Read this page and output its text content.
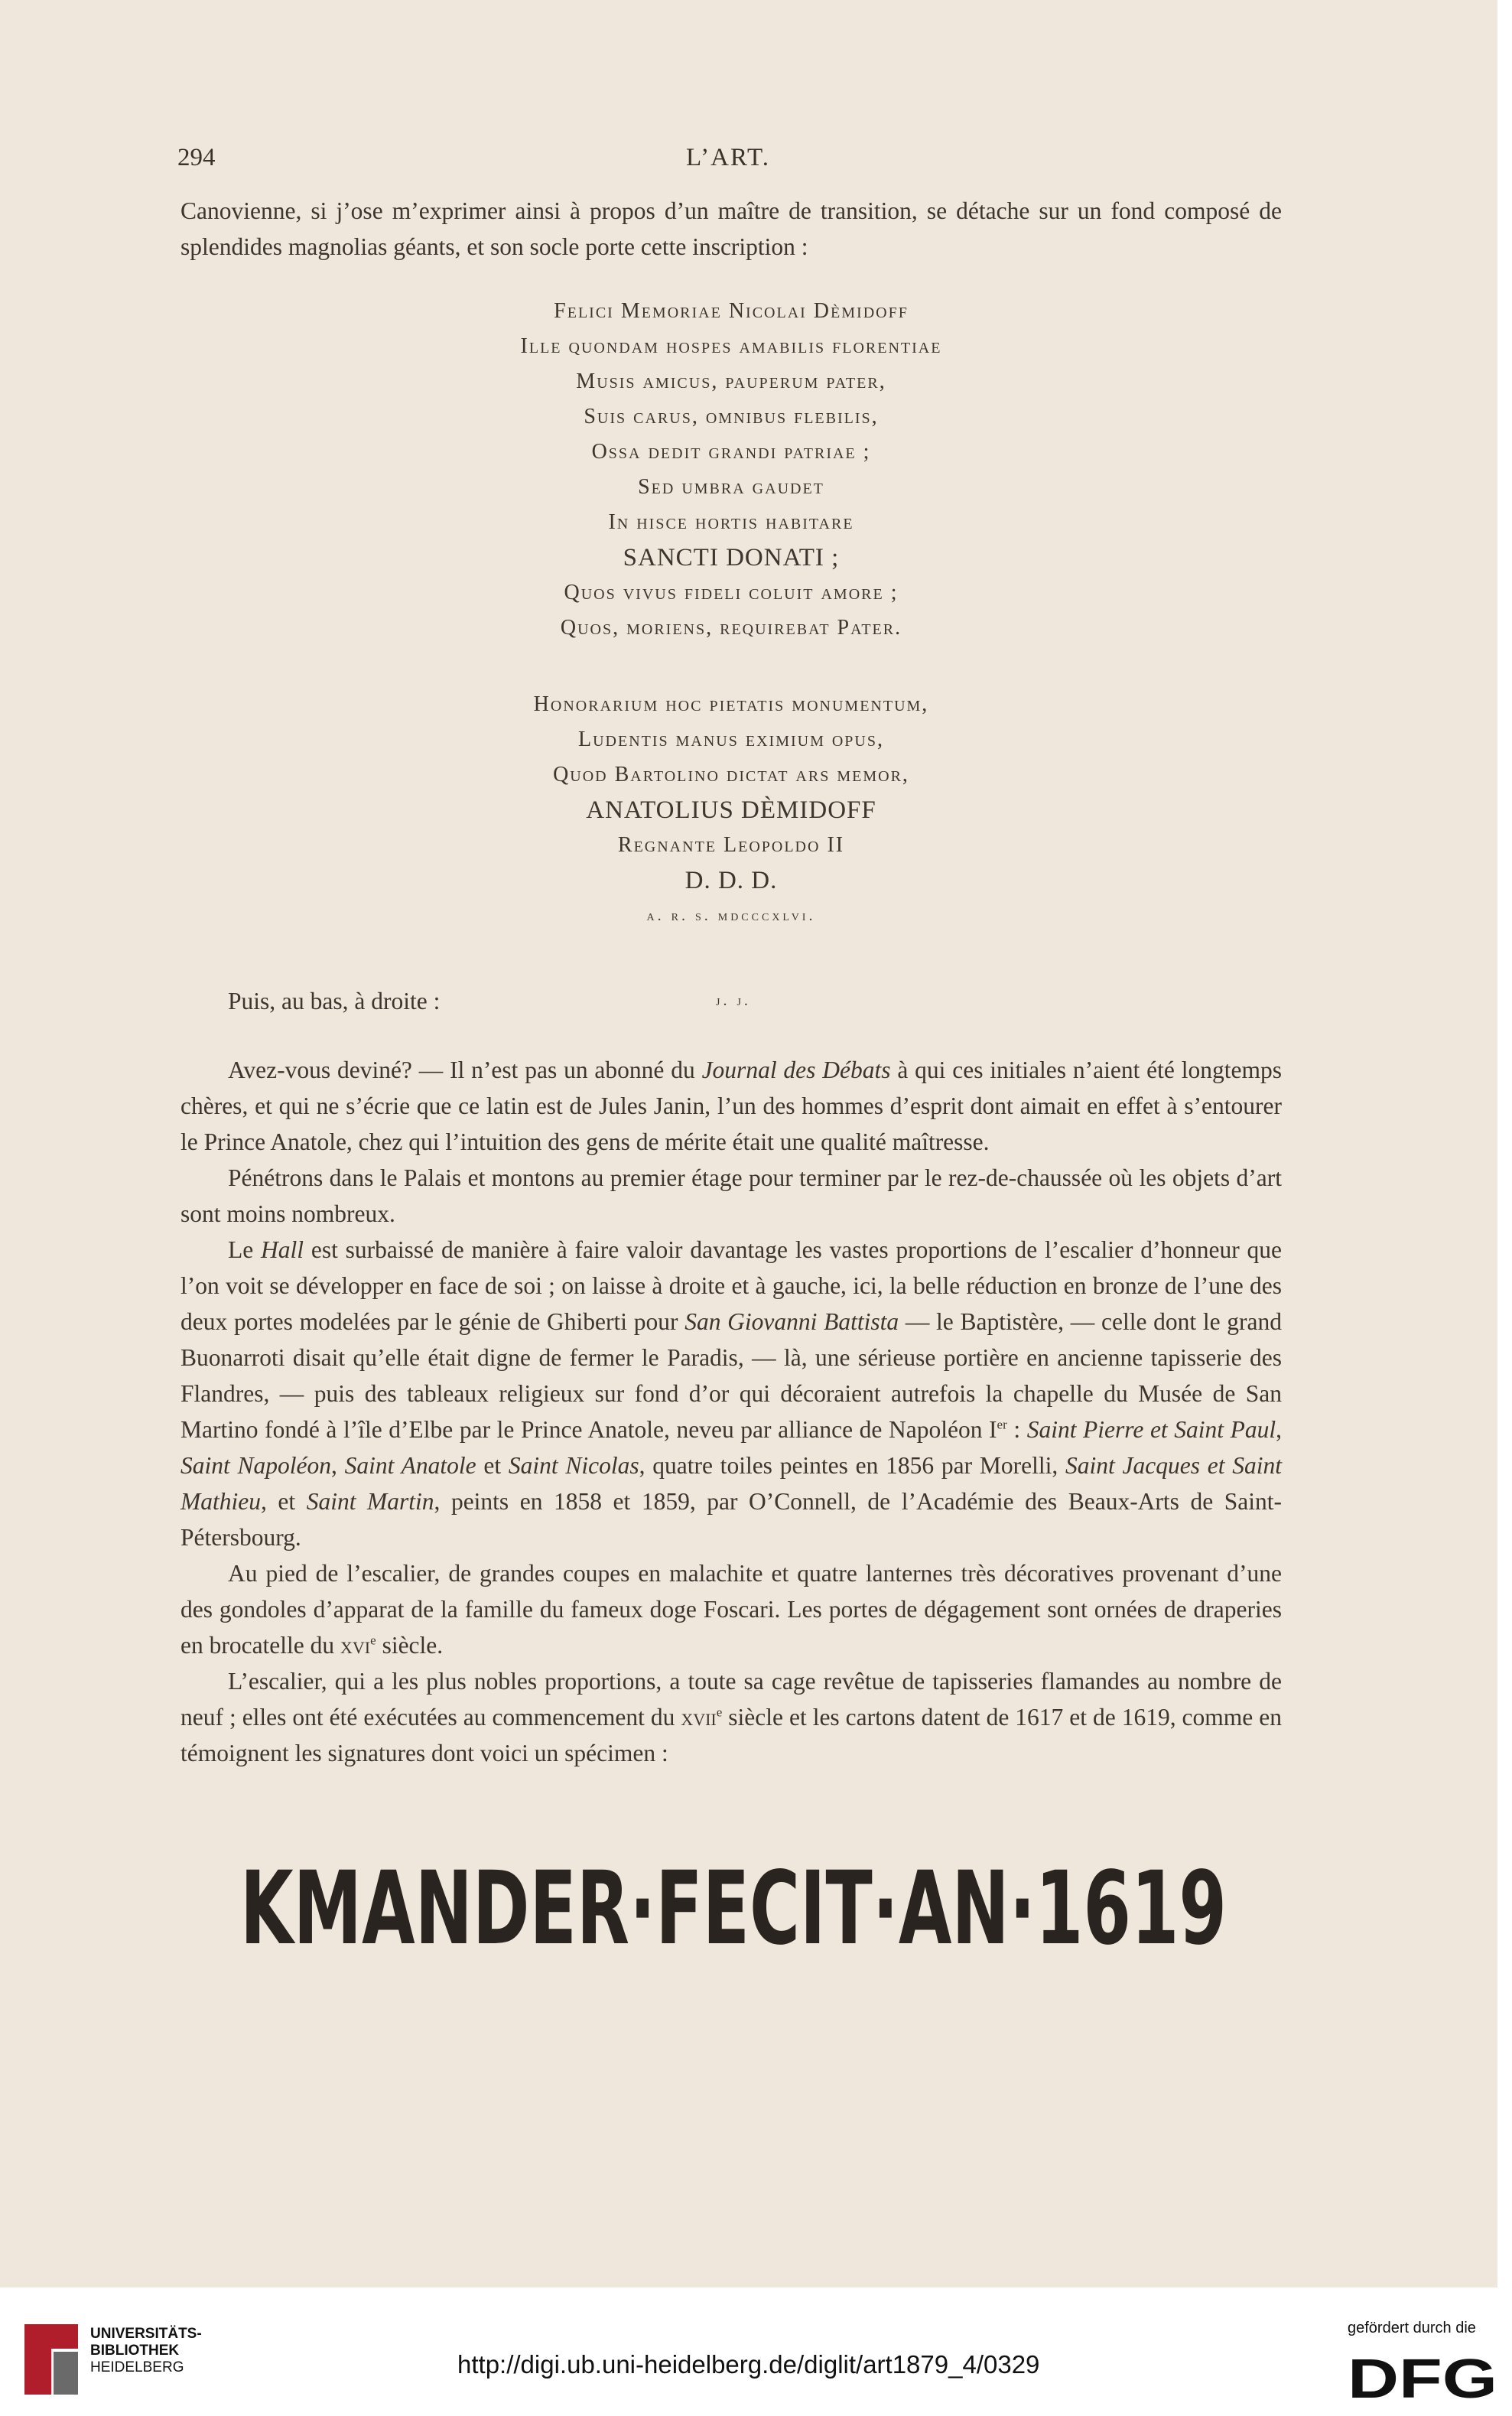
294	L’ART.

Canovienne, si j’ose m’exprimer ainsi à propos d’un maître de transition, se détache sur un fond composé de splendides magnolias géants, et son socle porte cette inscription :

Felici Memoriae Nicolai Dèmidoff
Ille quondam hospes amabilis florentiae
Musis amicus, pauperum pater,
Suis carus, omnibus flebilis,
Ossa dedit grandi patriae ;
Sed umbra gaudet
In hisce hortis habitare
SANCTI DONATI ;
Quos vivus fideli coluit amore ;
Quos, moriens, requirebat Pater.
Honorarium hoc pietatis monumentum,
Ludentis manus eximium opus,
Quod Bartolino dictat ars memor,
ANATOLIUS DÈMIDOFF
Regnante Leopoldo II
D. D. D.
a. r. s. mdcccxlvi.
Puis, au bas, à droite :	j. j.

Avez-vous deviné? — Il n’est pas un abonné du Journal des Débats à qui ces initiales n’aient été longtemps chères, et qui ne s’écrie que ce latin est de Jules Janin, l’un des hommes d’esprit dont aimait en effet à s’entourer le Prince Anatole, chez qui l’intuition des gens de mérite était une qualité maîtresse.

Pénétrons dans le Palais et montons au premier étage pour terminer par le rez-de-chaussée où les objets d’art sont moins nombreux.

Le Hall est surbaissé de manière à faire valoir davantage les vastes proportions de l’escalier d’honneur que l’on voit se développer en face de soi ; on laisse à droite et à gauche, ici, la belle réduction en bronze de l’une des deux portes modelées par le génie de Ghiberti pour San Giovanni Battista — le Baptistère, — celle dont le grand Buonarroti disait qu’elle était digne de fermer le Paradis, — là, une sérieuse portière en ancienne tapisserie des Flandres, — puis des tableaux religieux sur fond d’or qui décoraient autrefois la chapelle du Musée de San Martino fondé à l’île d’Elbe par le Prince Anatole, neveu par alliance de Napoléon Ier : Saint Pierre et Saint Paul, Saint Napoléon, Saint Anatole et Saint Nicolas, quatre toiles peintes en 1856 par Morelli, Saint Jacques et Saint Mathieu, et Saint Martin, peints en 1858 et 1859, par O’Connell, de l’Académie des Beaux-Arts de Saint-Pétersbourg.

Au pied de l’escalier, de grandes coupes en malachite et quatre lanternes très décoratives provenant d’une des gondoles d’apparat de la famille du fameux doge Foscari. Les portes de dégagement sont ornées de draperies en brocatelle du xvi$^e$ siècle.

L’escalier, qui a les plus nobles proportions, a toute sa cage revêtue de tapisseries flamandes au nombre de neuf ; elles ont été exécutées au commencement du xvii$^e$ siècle et les cartons datent de 1617 et de 1619, comme en témoignent les signatures dont voici un spécimen :

KMANDER·FECIT·AN·1619
UNIVERSITÄTS-
BIBLIOTHEK
HEIDELBERG	http://digi.ub.uni-heidelberg.de/diglit/art1879_4/0329
gefördert durch die
DFG
